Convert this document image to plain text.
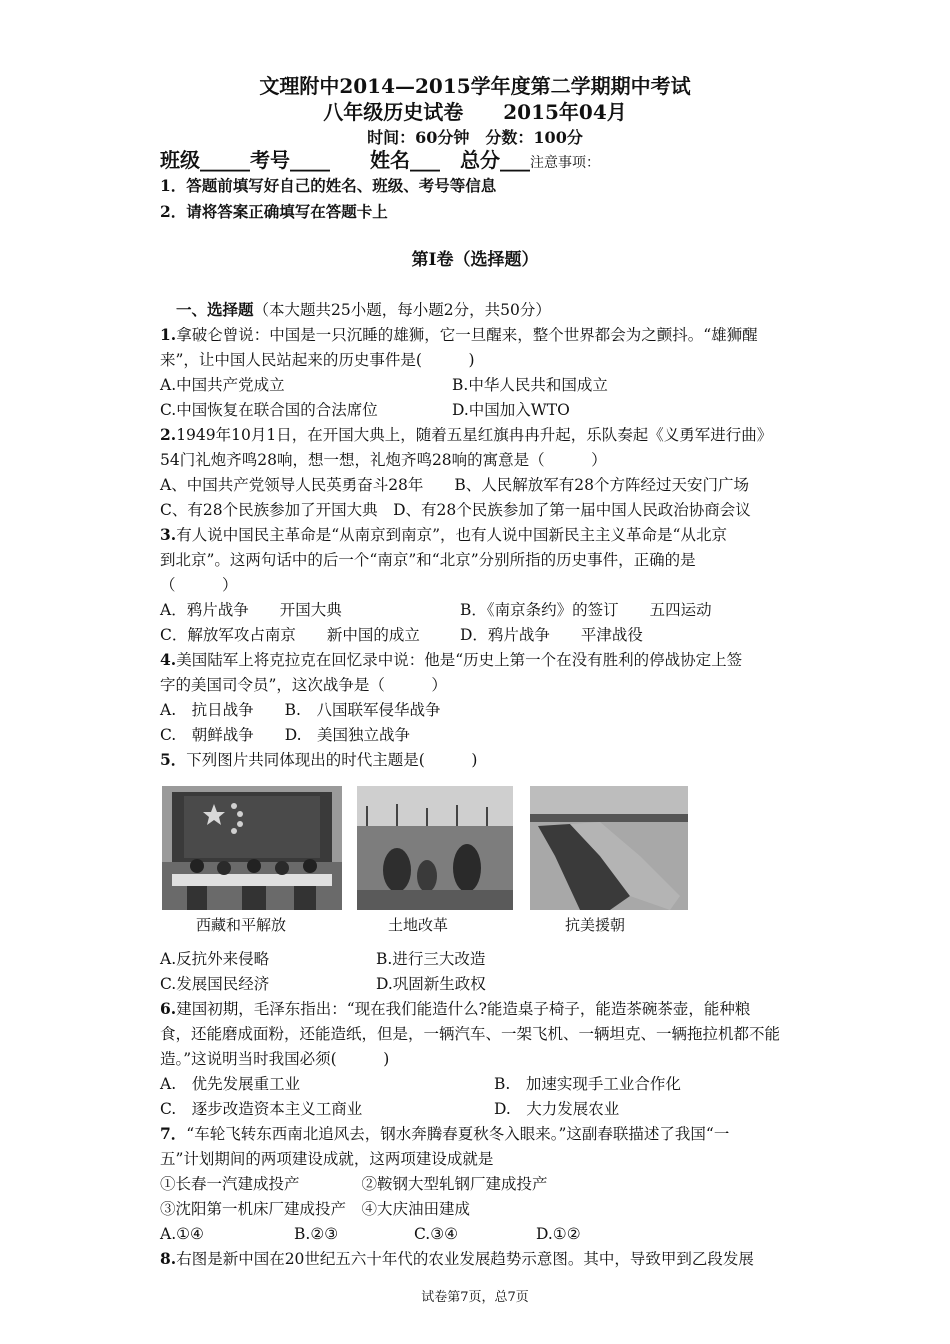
文理附中2014—2015学年度第二学期期中考试
八年级历史试卷　　2015年04月
时间：60分钟　分数：100分
班级_____考号____　　姓名___　总分___注意事项：
1．答题前填写好自己的姓名、班级、考号等信息
2．请将答案正确填写在答题卡上
第I卷（选择题）
一、选择题（本大题共25小题，每小题2分，共50分）
1.拿破仑曾说：中国是一只沉睡的雄狮，它一旦醒来，整个世界都会为之颤抖。“雄狮醒
来”，让中国人民站起来的历史事件是(　　　)
A.中国共产党成立	B.中华人民共和国成立
C.中国恢复在联合国的合法席位	D.中国加入WTO
2.1949年10月1日，在开国大典上，随着五星红旗冉冉升起，乐队奏起《义勇军进行曲》
54门礼炮齐鸣28响，想一想，礼炮齐鸣28响的寓意是（　　　）
A、中国共产党领导人民英勇奋斗28年　　B、人民解放军有28个方阵经过天安门广场
C、有28个民族参加了开国大典　D、有28个民族参加了第一届中国人民政治协商会议
3.有人说中国民主革命是“从南京到南京”，也有人说中国新民主主义革命是“从北京
到北京”。这两句话中的后一个“南京”和“北京”分别所指的历史事件，正确的是
（　　　）
A．鸦片战争　　开国大典	B．《南京条约》的签订　　五四运动
C．解放军攻占南京　　新中国的成立	D．鸦片战争　　平津战役
4.美国陆军上将克拉克在回忆录中说：他是“历史上第一个在没有胜利的停战协定上签
字的美国司令员”，这次战争是（　　　）
A.　抗日战争　　B.　八国联军侵华战争
C.　朝鲜战争　　D.　美国独立战争
5．下列图片共同体现出的时代主题是(　　　)
西藏和平解放	土地改革	抗美援朝
A.反抗外来侵略	B.进行三大改造
C.发展国民经济	D.巩固新生政权
6.建国初期，毛泽东指出：“现在我们能造什么?能造桌子椅子，能造茶碗茶壶，能种粮
食，还能磨成面粉，还能造纸，但是，一辆汽车、一架飞机、一辆坦克、一辆拖拉机都不能
造。”这说明当时我国必须(　　　)
A.　优先发展重工业	B.　加速实现手工业合作化
C.　逐步改造资本主义工商业	D.　大力发展农业
7．“车轮飞转东西南北追风去，钢水奔腾春夏秋冬入眼来。”这副春联描述了我国“一
五”计划期间的两项建设成就，这两项建设成就是
①长春一汽建成投产　　　　②鞍钢大型轧钢厂建成投产
③沈阳第一机床厂建成投产　④大庆油田建成
A.①④	B.②③	C.③④	D.①②
8.右图是新中国在20世纪五六十年代的农业发展趋势示意图。其中，导致甲到乙段发展
试卷第7页，总7页
